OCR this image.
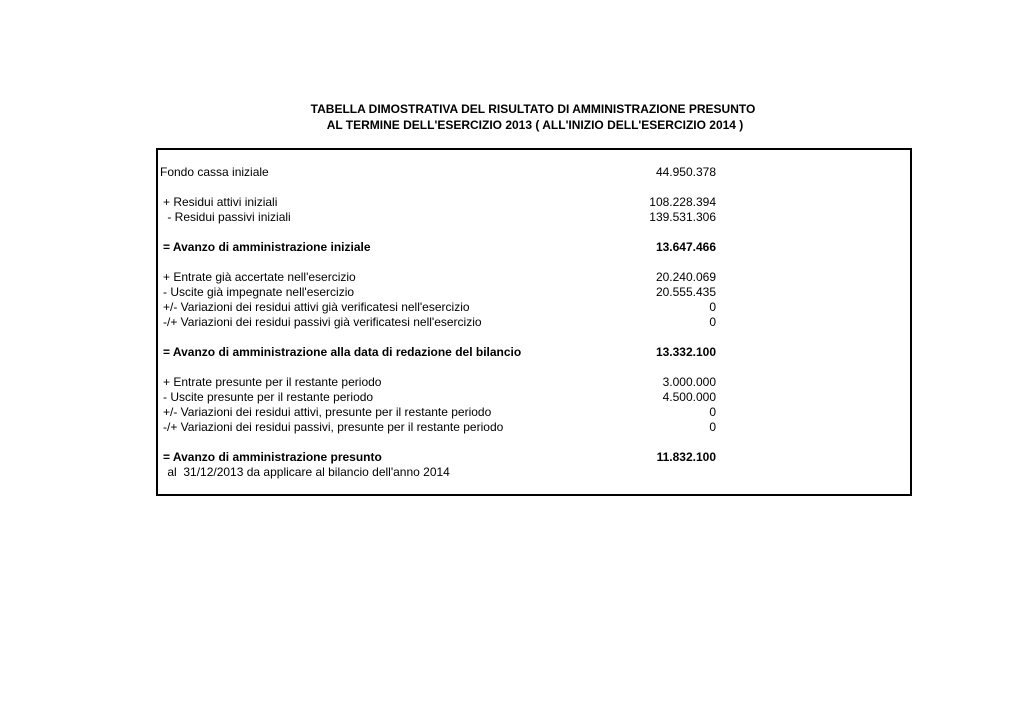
TABELLA DIMOSTRATIVA DEL RISULTATO DI AMMINISTRAZIONE PRESUNTO
AL TERMINE DELL'ESERCIZIO 2013 ( ALL'INIZIO DELL'ESERCIZIO 2014 )
Fondo cassa iniziale	44.950.378
+ Residui attivi iniziali	108.228.394
- Residui passivi iniziali	139.531.306
= Avanzo di amministrazione iniziale	13.647.466
+ Entrate già accertate nell'esercizio	20.240.069
- Uscite già impegnate nell'esercizio	20.555.435
+/- Variazioni dei residui attivi già verificatesi nell'esercizio	0
-/+ Variazioni dei residui passivi già verificatesi nell'esercizio	0
= Avanzo di amministrazione alla data di redazione del bilancio	13.332.100
+ Entrate presunte per il restante periodo	3.000.000
- Uscite presunte per il restante periodo	4.500.000
+/- Variazioni dei residui attivi, presunte per il restante periodo	0
-/+ Variazioni dei residui passivi, presunte per il restante periodo	0
= Avanzo di amministrazione presunto	11.832.100
al  31/12/2013 da applicare al bilancio dell'anno 2014
